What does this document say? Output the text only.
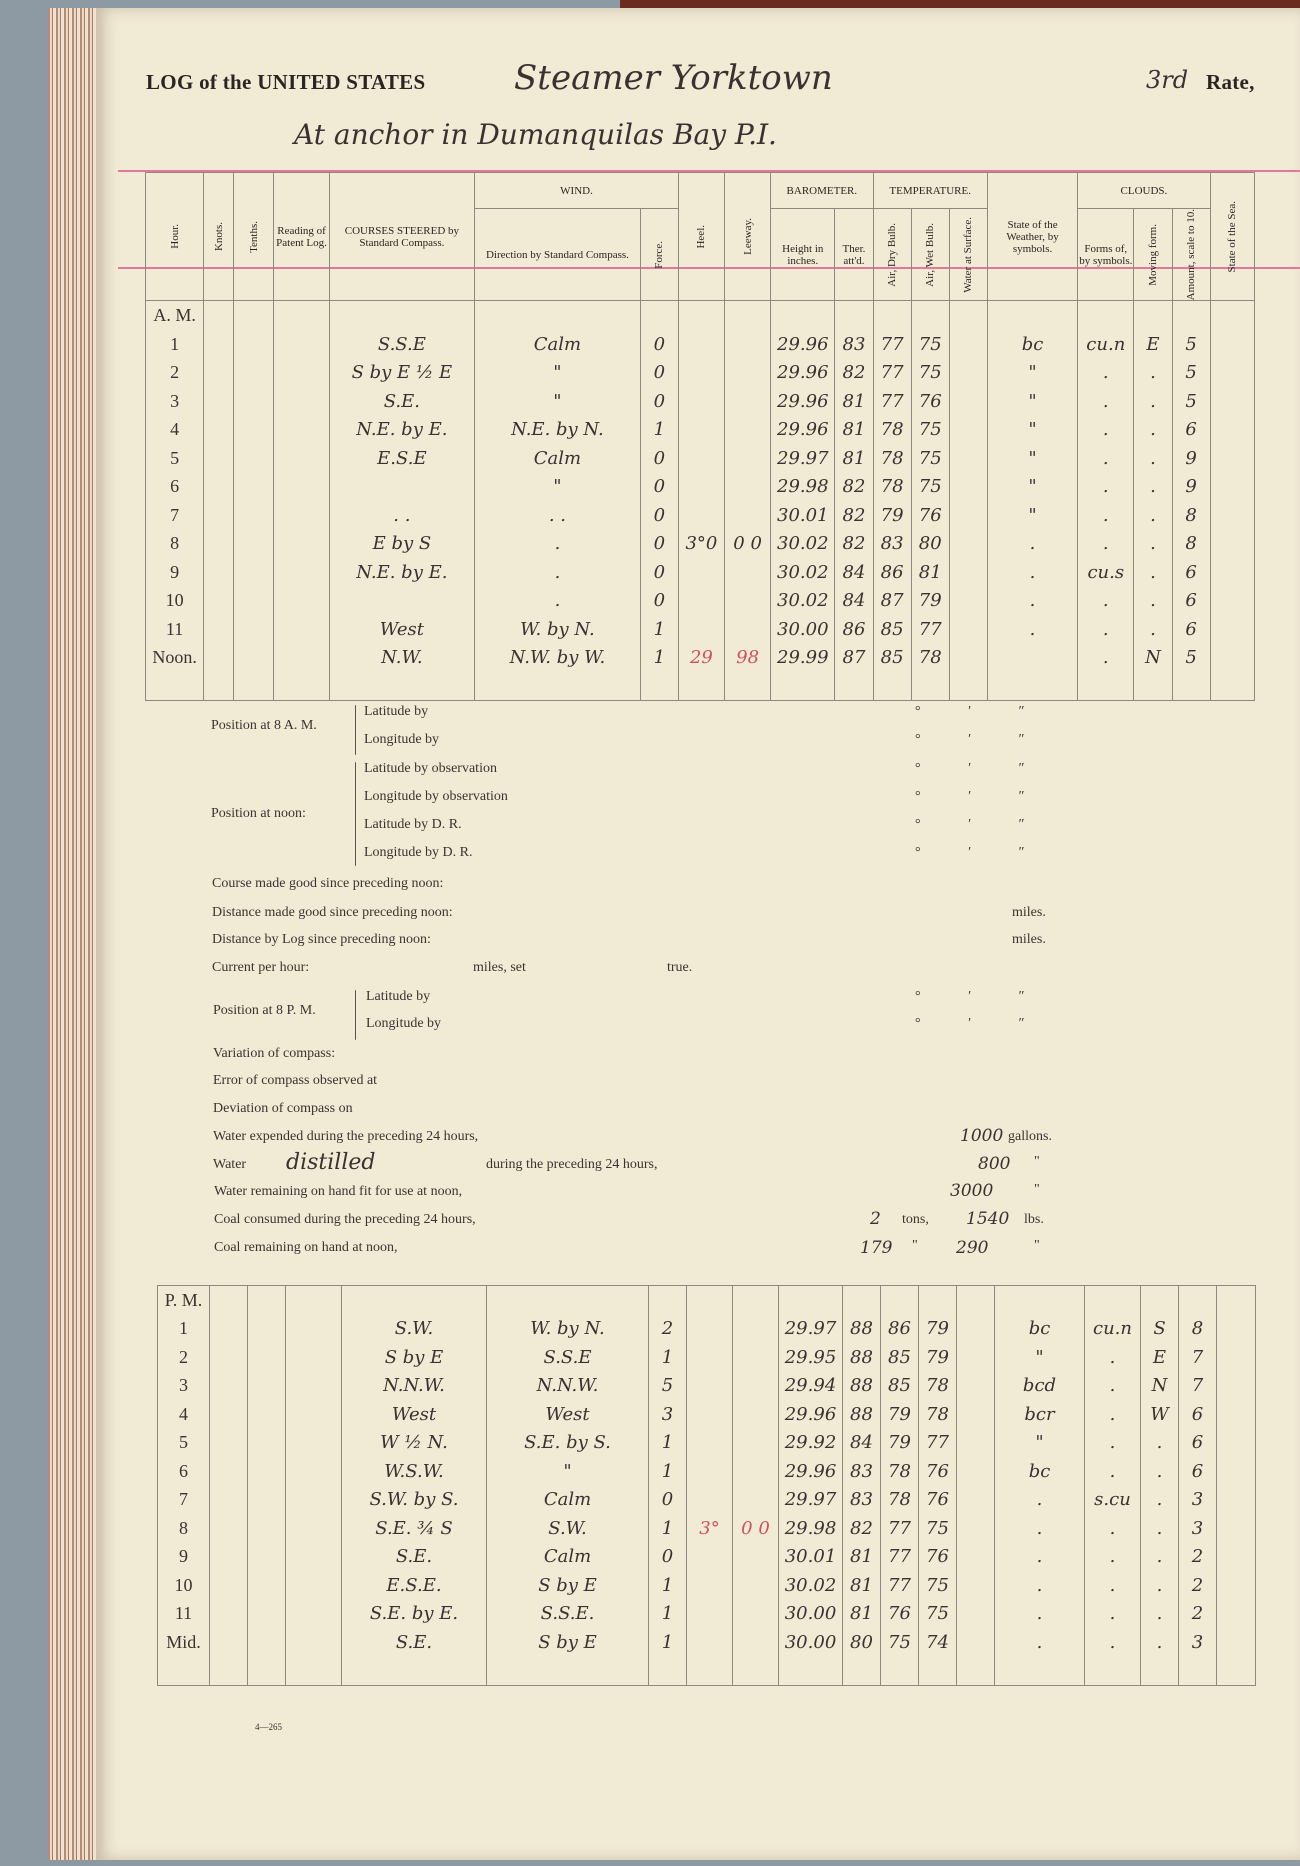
LOG of the UNITED STATES	Steamer Yorktown	3rd Rate,
At anchor in Dumanquilas Bay P.I.
Hour.	Knots.	Tenths.	Reading of Patent Log.	COURSES STEERED by Standard Compass.	WIND.		Heel.	Leeway.	BAROMETER.		TEMPERATURE.			State of the Weather, by symbols.	CLOUDS.			State of the Sea.

					Direction by Standard Compass.	Force.			Height in inches.	Ther. att'd.	Air, Dry Bulb.	Air, Wet Bulb.	Water at Surface.		Forms of, by symbols.	Moving form.	Amount, scale to 10.	

A. M.																		
1				S.S.E	Calm	0			29.96	83	77	75		bc	cu.n	E	5	
2				S by E ½ E	"	0			29.96	82	77	75		"	.	.	5	
3				S.E.	"	0			29.96	81	77	76		"	.	.	5	
4				N.E. by E.	N.E. by N.	1			29.96	81	78	75		"	.	.	6	
5				E.S.E	Calm	0			29.97	81	78	75		"	.	.	9	
6					"	0			29.98	82	78	75		"	.	.	9	
7				. .	. .	0			30.01	82	79	76		"	.	.	8	
8				E by S	.	0	3°0	0 0	30.02	82	83	80		.	.	.	8	
9				N.E. by E.	.	0			30.02	84	86	81		.	cu.s	.	6	
10					.	0			30.02	84	87	79		.	.	.	6	
11				West	W. by N.	1			30.00	86	85	77		.	.	.	6	
Noon.				N.W.	N.W. by W.	1	29	98	29.99	87	85	78			.	N	5	

Position at 8 A. M.
Latitude by
Longitude by
° ′ ″
° ′ ″
Position at noon:
Latitude by observation
Longitude by observation
Latitude by D. R.
Longitude by D. R.
° ′ ″
° ′ ″
° ′ ″
° ′ ″
Course made good since preceding noon:
Distance made good since preceding noon:	miles.
Distance by Log since preceding noon:	miles.
Current per hour:	miles, set	true.
Position at 8 P. M.
Latitude by
Longitude by
° ′ ″
° ′ ″
Variation of compass:
Error of compass observed at
Deviation of compass on
Water expended during the preceding 24 hours,	1000 gallons.
Water distilled	during the preceding 24 hours,	800 "
Water remaining on hand fit for use at noon,	3000	"
Coal consumed during the preceding 24 hours,	2 tons, 1540 lbs.
Coal remaining on hand at noon,	179 " 290	"
P. M.																		
1				S.W.	W. by N.	2			29.97	88	86	79		bc	cu.n	S	8	
2				S by E	S.S.E	1			29.95	88	85	79		"	.	E	7	
3				N.N.W.	N.N.W.	5			29.94	88	85	78		bcd	.	N	7	
4				West	West	3			29.96	88	79	78		bcr	.	W	6	
5				W ½ N.	S.E. by S.	1			29.92	84	79	77		"	.	.	6	
6				W.S.W.	"	1			29.96	83	78	76		bc	.	.	6	
7				S.W. by S.	Calm	0			29.97	83	78	76		.	s.cu	.	3	
8				S.E. ¾ S	S.W.	1	3°	0 0	29.98	82	77	75		.	.	.	3	
9				S.E.	Calm	0			30.01	81	77	76		.	.	.	2	
10				E.S.E.	S by E	1			30.02	81	77	75		.	.	.	2	
11				S.E. by E.	S.S.E.	1			30.00	81	76	75		.	.	.	2	
Mid.				S.E.	S by E	1			30.00	80	75	74		.	.	.	3	

4—265
